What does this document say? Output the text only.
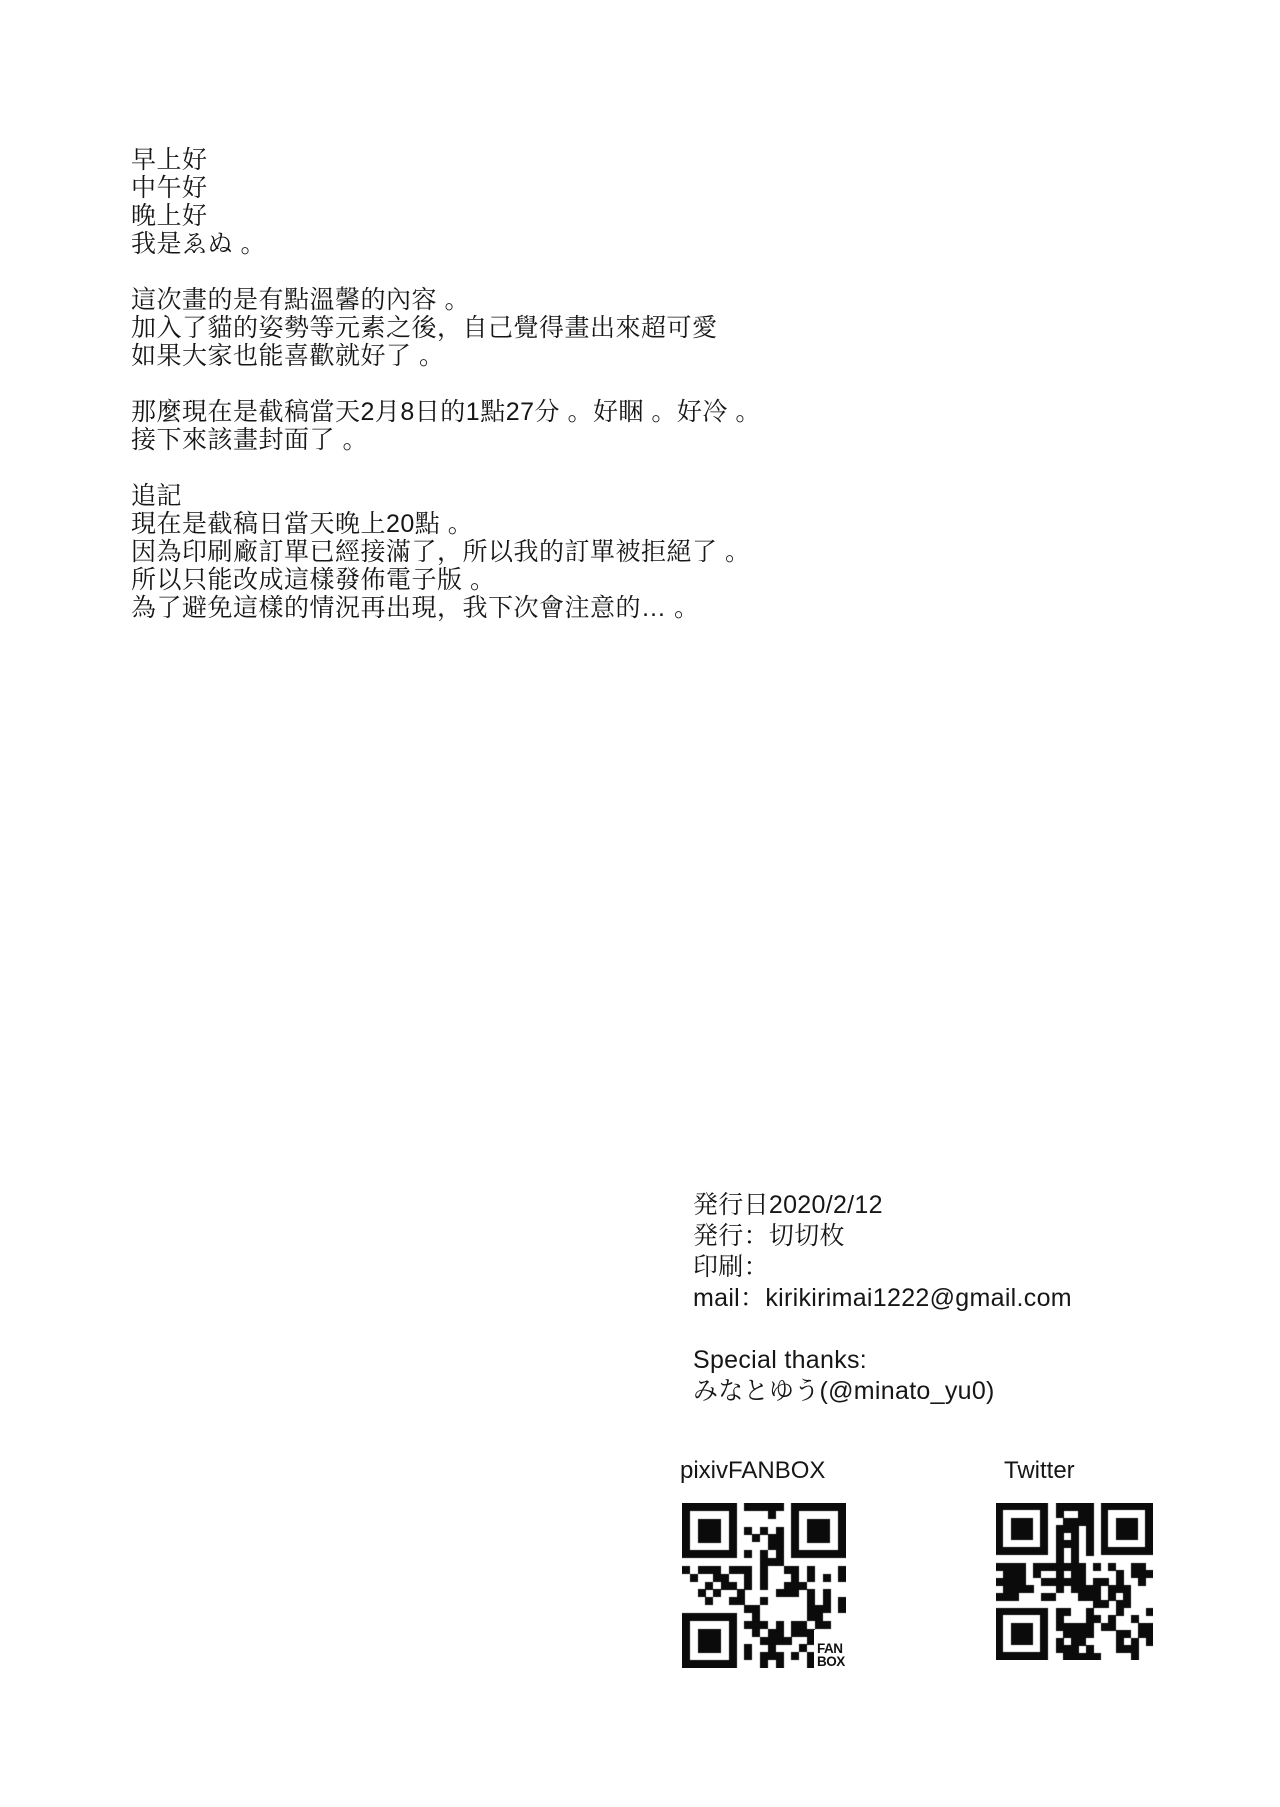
早上好
中午好
晚上好
我是ゑぬ 。

這次畫的是有點溫馨的內容 。
加入了貓的姿勢等元素之後，自己覺得畫出來超可愛
如果大家也能喜歡就好了 。

那麼現在是截稿當天2月8日的1點27分 。好睏 。好冷 。
接下來該畫封面了 。

追記
現在是截稿日當天晚上20點 。
因為印刷廠訂單已經接滿了，所以我的訂單被拒絕了 。
所以只能改成這樣發佈電子版 。
為了避免這樣的情況再出現，我下次會注意的… 。
発行日2020/2/12
発行：切切枚
印刷：
mail：kirikirimai1222@gmail.com

Special thanks:
みなとゆう(@minato_yu0)
pixivFANBOX	Twitter
FAN
BOX
